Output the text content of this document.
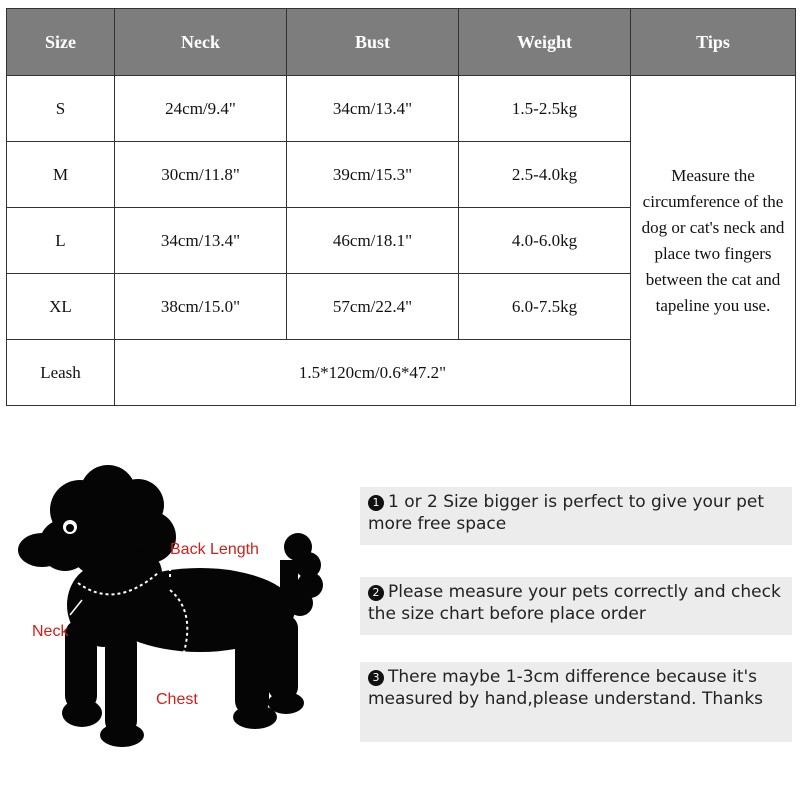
Size	Neck	Bust	Weight	Tips
S	24cm/9.4"	34cm/13.4"	1.5-2.5kg	Measure the circumference of the dog or cat's neck and place two fingers between the cat and tapeline you use.
M	30cm/11.8"	39cm/15.3"	2.5-4.0kg	
L	34cm/13.4"	46cm/18.1"	4.0-6.0kg	
XL	38cm/15.0"	57cm/22.4"	6.0-7.5kg	
Leash	1.5*120cm/0.6*47.2"			
Back Length
Neck
Chest
1 1 or 2 Size bigger is perfect to give your pet more free space
2 Please measure your pets correctly and check the size chart before place order
3 There maybe 1-3cm difference because it's measured by hand,please understand. Thanks
